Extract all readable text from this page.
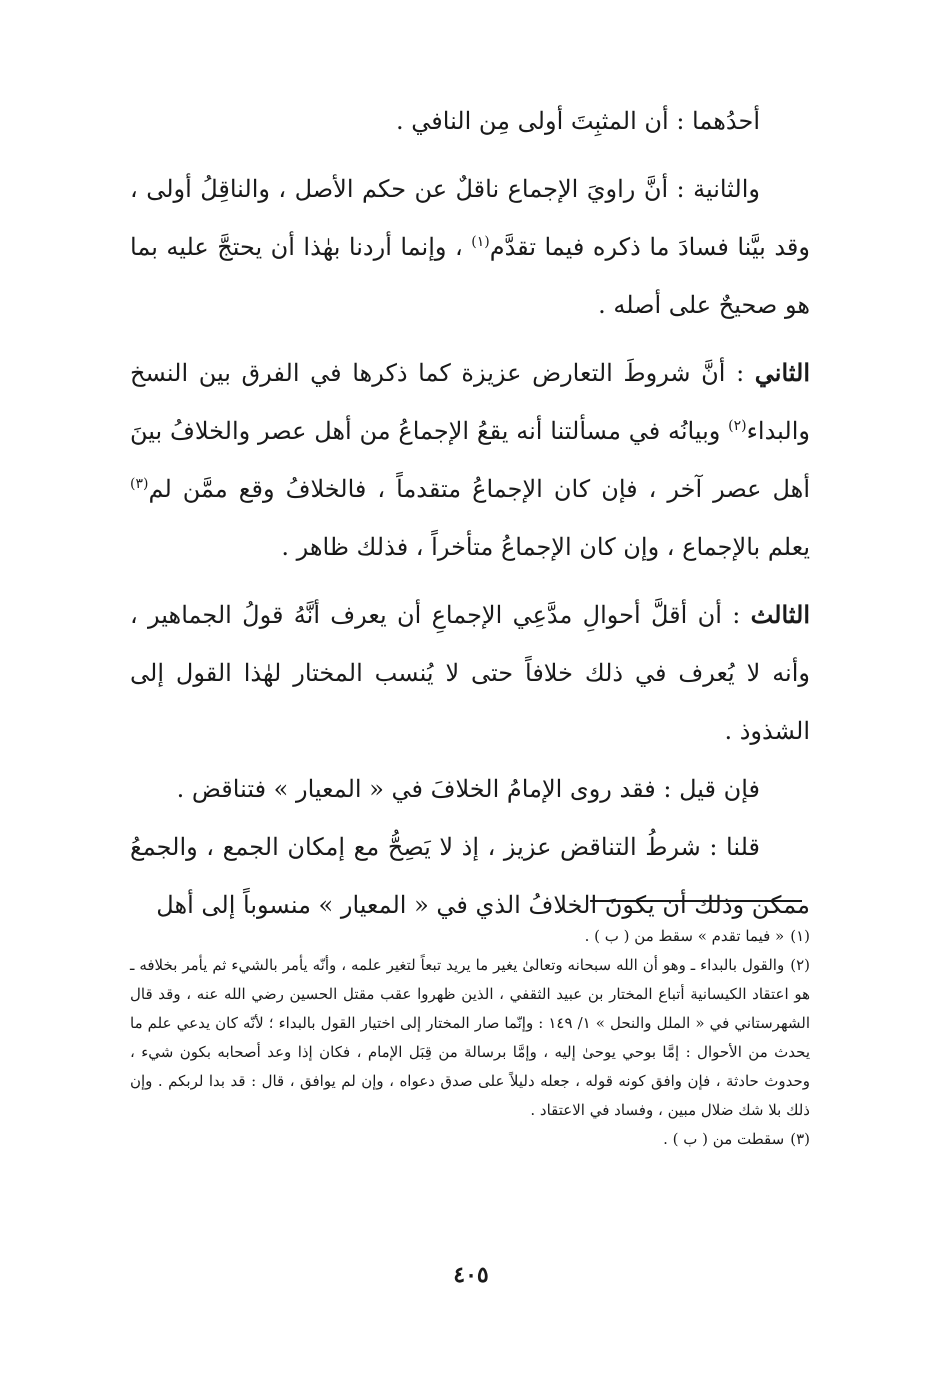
أحدُهما : أن المثبِتَ أولى مِن النافي .

والثانية : أنَّ راويَ الإجماع ناقلٌ عن حكم الأصل ، والناقِلُ أولى ، وقد بيَّنا فسادَ ما ذكره فيما تقدَّم$^{(١)}$ ، وإنما أردنا بهٰذا أن يحتجَّ عليه بما هو صحيحٌ على أصله .

الثاني : أنَّ شروطَ التعارض عزيزة كما ذكرها في الفرق بين النسخ والبداء$^{(٢)}$ وبيانُه في مسألتنا أنه يقعُ الإجماعُ من أهل عصر والخلافُ بينَ أهل عصر آخر ، فإن كان الإجماعُ متقدماً ، فالخلافُ وقع ممَّن لم$^{(٣)}$ يعلم بالإجماع ، وإن كان الإجماعُ متأخراً ، فذلك ظاهر .

الثالث : أن أقلَّ أحوالِ مدَّعِي الإجماعِ أن يعرف أنَّهُ قولُ الجماهير ، وأنه لا يُعرف في ذلك خلافاً حتى لا يُنسب المختار لهٰذا القول إلى الشذوذ .

فإن قيل : فقد روى الإمامُ الخلافَ في « المعيار » فتناقض .

قلنا : شرطُ التناقض عزيز ، إذ لا يَصِحُّ مع إمكان الجمع ، والجمعُ ممكن وذلك أن يكونَ الخلافُ الذي في « المعيار » منسوباً إلى أهل

(١)« فيما تقدم » سقط من ( ب ) .

(٢)والقول بالبداء ـ وهو أن الله سبحانه وتعالىٰ يغير ما يريد تبعاً لتغير علمه ، وأنّه يأمر بالشيء ثم يأمر بخلافه ـ هو اعتقاد الكيسانية أتباع المختار بن عبيد الثقفي ، الذين ظهروا عقب مقتل الحسين رضي الله عنه ، وقد قال الشهرستاني في « الملل والنحل » ١/ ١٤٩ : وإنّما صار المختار إلى اختيار القول بالبداء ؛ لأنّه كان يدعي علم ما يحدث من الأحوال : إمَّا بوحي يوحىٰ إليه ، وإمَّا برسالة من قِبَل الإمام ، فكان إذا وعد أصحابه بكون شيء ، وحدوث حادثة ، فإن وافق كونه قوله ، جعله دليلاً على صدق دعواه ، وإن لم يوافق ، قال : قد بدا لربكم . وإن ذلك بلا شك ضلال مبين ، وفساد في الاعتقاد .

(٣)سقطت من ( ب ) .

٤٠٥
